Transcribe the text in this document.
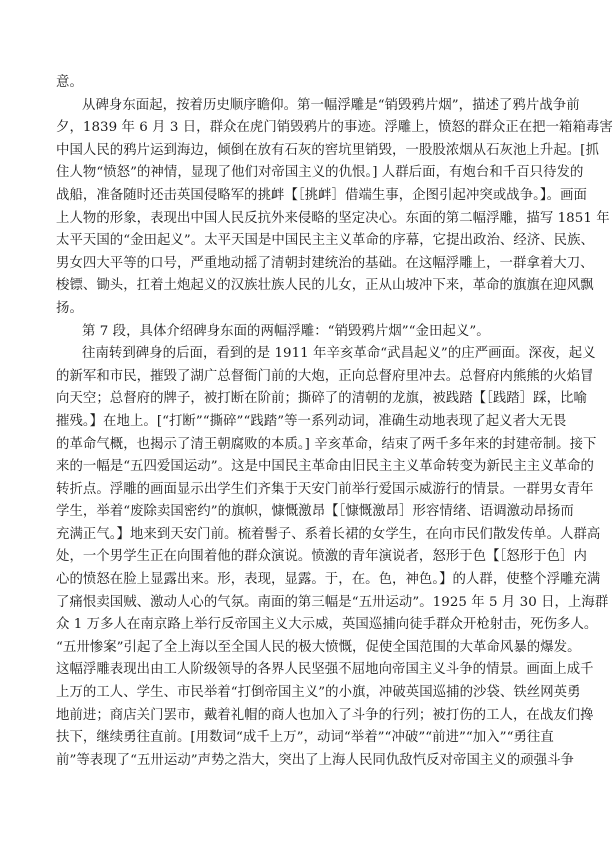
意。
从碑身东面起，按着历史顺序瞻仰。第一幅浮雕是“销毁鸦片烟”，描述了鸦片战争前
夕，1839 年 6 月 3 日，群众在虎门销毁鸦片的事迹。浮雕上，愤怒的群众正在把一箱箱毒害
中国人民的鸦片运到海边，倾倒在放有石灰的窖坑里销毁，一股股浓烟从石灰池上升起。[抓
住人物“愤怒”的神情，显现了他们对帝国主义的仇恨。] 人群后面，有炮台和千百只待发的
战船，准备随时还击英国侵略军的挑衅【［挑衅］借端生事，企图引起冲突或战争。】。画面
上人物的形象，表现出中国人民反抗外来侵略的坚定决心。东面的第二幅浮雕，描写 1851 年
太平天国的“金田起义”。太平天国是中国民主主义革命的序幕，它提出政治、经济、民族、
男女四大平等的口号，严重地动摇了清朝封建统治的基础。在这幅浮雕上，一群拿着大刀、
梭镖、锄头，扛着土炮起义的汉族壮族人民的儿女，正从山坡冲下来，革命的旗旗在迎风飘
扬。
第 7 段，具体介绍碑身东面的两幅浮雕：“销毁鸦片烟”“金田起义”。
往南转到碑身的后面，看到的是 1911 年辛亥革命“武昌起义”的庄严画面。深夜，起义
的新军和市民，摧毁了湖广总督衙门前的大炮，正向总督府里冲去。总督府内熊熊的火焰冒
向天空；总督府的牌子，被打断在阶前；撕碎了的清朝的龙旗，被践踏【［践踏］踩，比喻
摧残。】在地上。[“打断”“撕碎”“践踏”等一系列动词，准确生动地表现了起义者大无畏
的革命气概，也揭示了清王朝腐败的本质。] 辛亥革命，结束了两千多年来的封建帝制。接下
来的一幅是“五四爱国运动”。这是中国民主革命由旧民主主义革命转变为新民主主义革命的
转折点。浮雕的画面显示出学生们齐集于天安门前举行爱国示威游行的情景。一群男女青年
学生，举着“废除卖国密约”的旗帜，慷慨激昂【［慷慨激昂］形容情绪、语调激动昂扬而
充满正气。】地来到天安门前。梳着髻子、系着长裙的女学生，在向市民们散发传单。人群高
处，一个男学生正在向围着他的群众演说。愤激的青年演说者，怒形于色【［怒形于色］内
心的愤怒在脸上显露出来。形，表现，显露。于，在。色，神色。】的人群，使整个浮雕充满
了痛恨卖国贼、激动人心的气氛。南面的第三幅是“五卅运动”。1925 年 5 月 30 日，上海群
众 1 万多人在南京路上举行反帝国主义大示威，英国巡捕向徒手群众开枪射击，死伤多人。
“五卅惨案”引起了全上海以至全国人民的极大愤慨，促使全国范围的大革命风暴的爆发。
这幅浮雕表现出由工人阶级领导的各界人民坚强不屈地向帝国主义斗争的情景。画面上成千
上万的工人、学生、市民举着“打倒帝国主义”的小旗，冲破英国巡捕的沙袋、铁丝网英勇
地前进；商店关门罢市，戴着礼帽的商人也加入了斗争的行列；被打伤的工人，在战友们搀
扶下，继续勇往直前。[用数词“成千上万”，动词“举着”“冲破”“前进”“加入”“勇往直
前”等表现了“五卅运动”声势之浩大，突出了上海人民同仇敌忾反对帝国主义的顽强斗争
